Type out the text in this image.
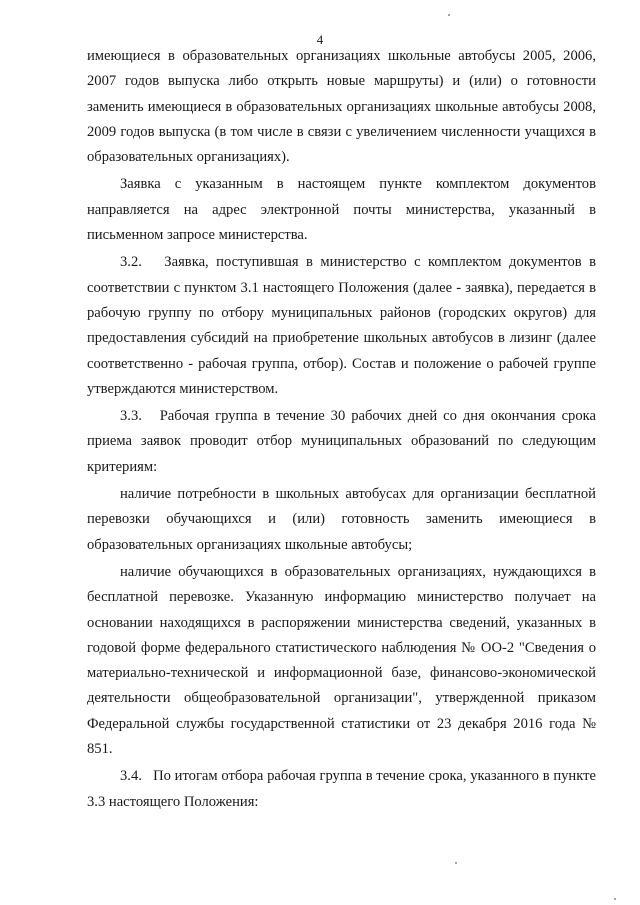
4

имеющиеся в образовательных организациях школьные автобусы 2005, 2006, 2007 годов выпуска либо открыть новые маршруты) и (или) о готовности заменить имеющиеся в образовательных организациях школьные автобусы 2008, 2009 годов выпуска (в том числе в связи с увеличением численности учащихся в образовательных организациях).

Заявка с указанным в настоящем пункте комплектом документов направляется на адрес электронной почты министерства, указанный в письменном запросе министерства.

3.2.   Заявка, поступившая в министерство с комплектом документов в соответствии с пунктом 3.1 настоящего Положения (далее - заявка), передается в рабочую группу по отбору муниципальных районов (городских округов) для предоставления субсидий на приобретение школьных автобусов в лизинг (далее соответственно - рабочая группа, отбор). Состав и положение о рабочей группе утверждаются министерством.

3.3.   Рабочая группа в течение 30 рабочих дней со дня окончания срока приема заявок проводит отбор муниципальных образований по следующим критериям:

наличие потребности в школьных автобусах для организации бесплатной перевозки обучающихся и (или) готовность заменить имеющиеся в образовательных организациях школьные автобусы;

наличие обучающихся в образовательных организациях, нуждающихся в бесплатной перевозке. Указанную информацию министерство получает на основании находящихся в распоряжении министерства сведений, указанных в годовой форме федерального статистического наблюдения № ОО-2 "Сведения о материально-технической и информационной базе, финансово-экономической деятельности общеобразовательной организации", утвержденной приказом Федеральной службы государственной статистики от 23 декабря 2016 года № 851.

3.4.   По итогам отбора рабочая группа в течение срока, указанного в пункте 3.3 настоящего Положения:
